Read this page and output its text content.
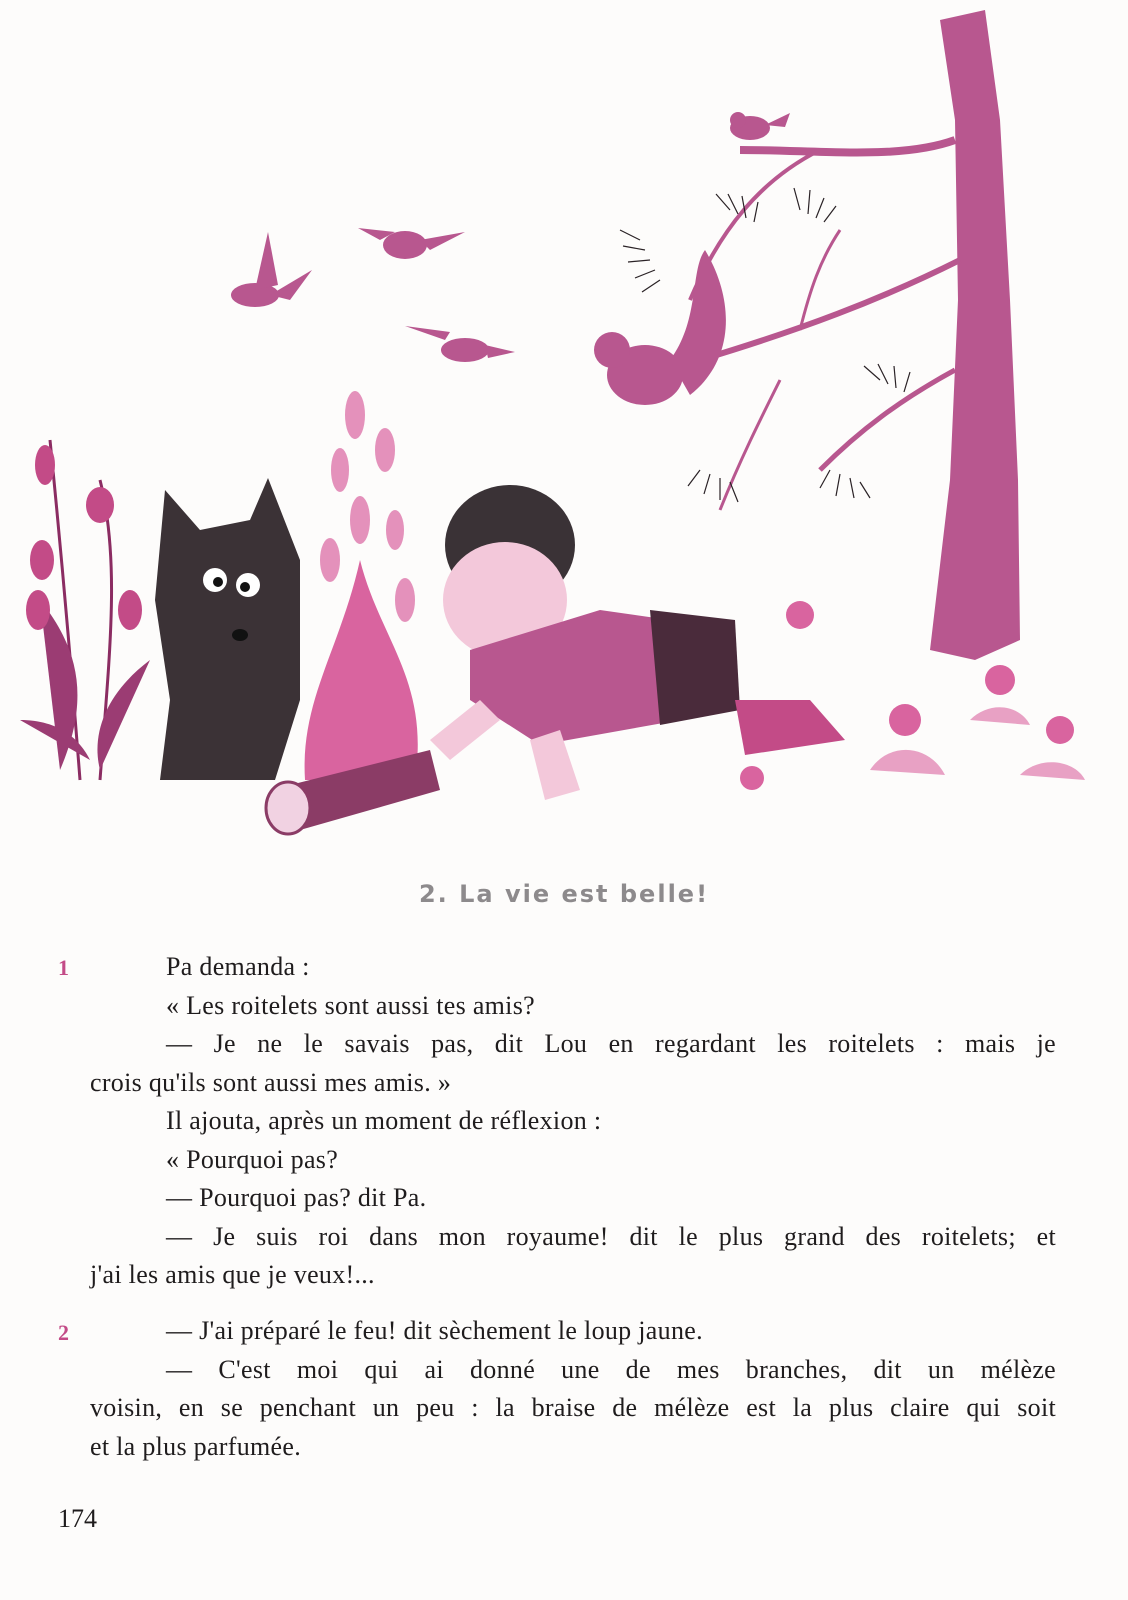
2. La vie est belle!
1	Pa demanda :
« Les roitelets sont aussi tes amis?
— Je ne le savais pas, dit Lou en regardant les roitelets : mais je
crois qu'ils sont aussi mes amis. »
Il ajouta, après un moment de réflexion :
« Pourquoi pas?
— Pourquoi pas? dit Pa.
— Je suis roi dans mon royaume! dit le plus grand des roitelets; et
j'ai les amis que je veux!...
2	— J'ai préparé le feu! dit sèchement le loup jaune.
— C'est moi qui ai donné une de mes branches, dit un mélèze
voisin, en se penchant un peu : la braise de mélèze est la plus claire qui soit
et la plus parfumée.
174
